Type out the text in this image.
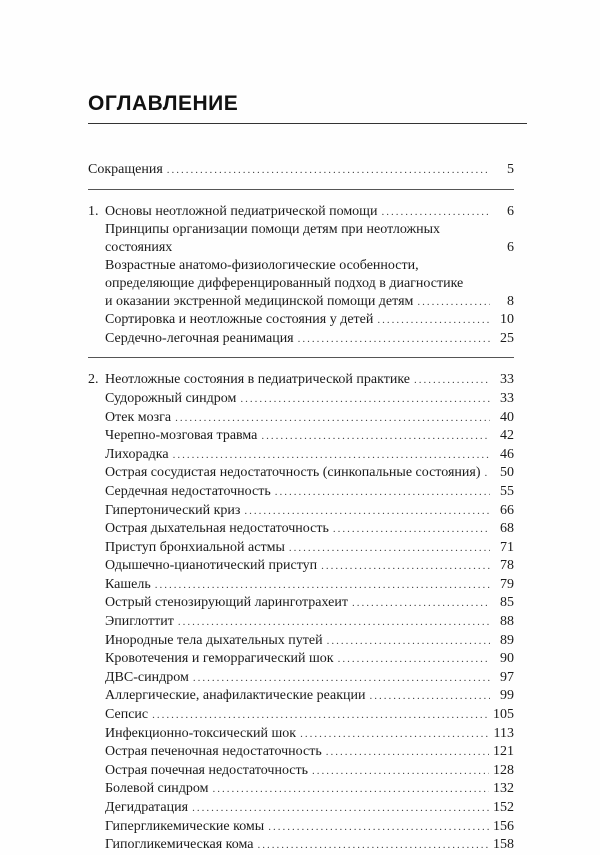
ОГЛАВЛЕНИЕ
Сокращения .....	5
1. Основы неотложной педиатрической помощи .....	6
Принципы организации помощи детям при неотложных
состояниях	6
Возрастные анатомо-физиологические особенности,
определяющие дифференцированный подход в диагностике
и оказании экстренной медицинской помощи детям .....	8
Сортировка и неотложные состояния у детей .....	10
Сердечно-легочная реанимация .....	25
2. Неотложные состояния в педиатрической практике .....	33
Судорожный синдром .....	33
Отек мозга .....	40
Черепно-мозговая травма .....	42
Лихорадка .....	46
Острая сосудистая недостаточность (синкопальные состояния) .....	50
Сердечная недостаточность .....	55
Гипертонический криз .....	66
Острая дыхательная недостаточность .....	68
Приступ бронхиальной астмы .....	71
Одышечно-цианотический приступ .....	78
Кашель .....	79
Острый стенозирующий ларинготрахеит .....	85
Эпиглоттит .....	88
Инородные тела дыхательных путей .....	89
Кровотечения и геморрагический шок .....	90
ДВС-синдром .....	97
Аллергические, анафилактические реакции .....	99
Сепсис .....	105
Инфекционно-токсический шок .....	113
Острая печеночная недостаточность .....	121
Острая почечная недостаточность .....	128
Болевой синдром .....	132
Дегидратация .....	152
Гипергликемические комы .....	156
Гипогликемическая кома .....	158
